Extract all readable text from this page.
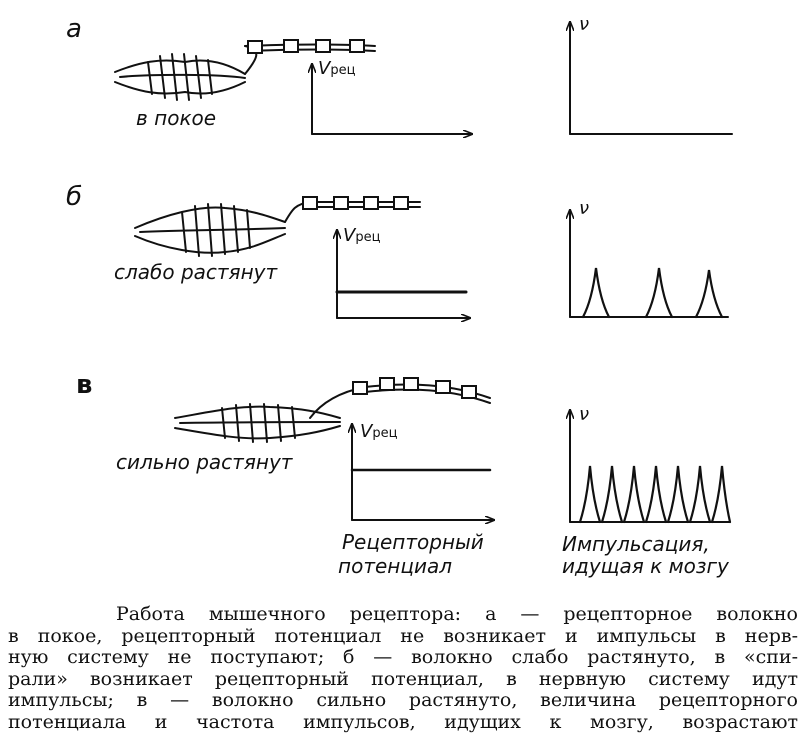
а
б
в
в покое
слабо растянут
сильно растянут
Vрец
Vрец
Vрец
ν
ν
ν
Рецепторный
потенциал
Импульсация,
идущая к мозгу

Работа мышечного рецептора: а — рецепторное волокно

в покое, рецепторный потенциал не возникает и импульсы в нерв-

ную систему не поступают; б — волокно слабо растянуто, в «спи-

рали» возникает рецепторный потенциал, в нервную систему идут

импульсы; в — волокно сильно растянуто, величина рецепторного

потенциала и частота импульсов, идущих к мозгу, возрастают
